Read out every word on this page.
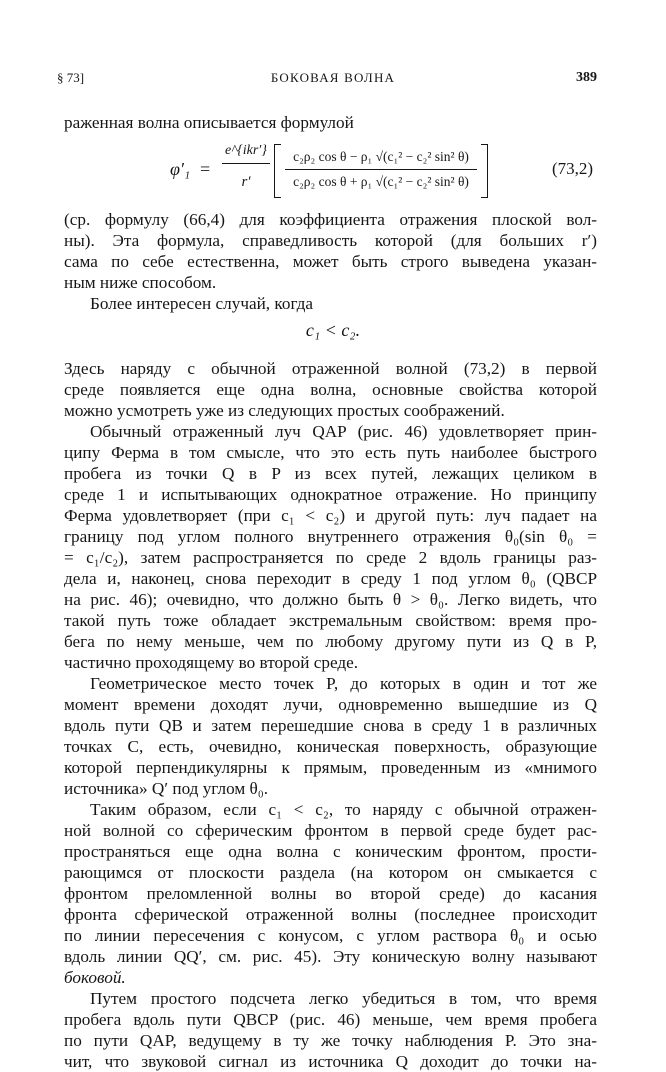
§ 73]	БОКОВАЯ ВОЛНА	389
раженная волна описывается формулой
φ′₁ =
e^{ikr′}
r′	$\frac{\text{c₂ρ₂ cos θ − ρ₁ √(c₁² − c₂² sin² θ)}}{\text{c₂ρ₂ cos θ + ρ₁ √(c₁² − c₂² sin² θ)}}$	(73,2)
(ср. формулу (66,4) для коэффициента отражения плоской вол-
ны). Эта формула, справедливость которой (для больших r′)
сама по себе естественна, может быть строго выведена указан-
ным ниже способом.
Более интересен случай, когда
c₁ < c₂.
Здесь наряду с обычной отраженной волной (73,2) в первой
среде появляется еще одна волна, основные свойства которой
можно усмотреть уже из следующих простых соображений.
Обычный отраженный луч QAP (рис. 46) удовлетворяет прин-
ципу Ферма в том смысле, что это есть путь наиболее быстрого
пробега из точки Q в P из всех путей, лежащих целиком в
среде 1 и испытывающих однократное отражение. Но принципу
Ферма удовлетворяет (при c₁ < c₂) и другой путь: луч падает на
границу под углом полного внутреннего отражения θ₀(sin θ₀ =
= c₁/c₂), затем распространяется по среде 2 вдоль границы раз-
дела и, наконец, снова переходит в среду 1 под углом θ₀ (QBCP
на рис. 46); очевидно, что должно быть θ > θ₀. Легко видеть, что
такой путь тоже обладает экстремальным свойством: время про-
бега по нему меньше, чем по любому другому пути из Q в P,
частично проходящему во второй среде.
Геометрическое место точек P, до которых в один и тот же
момент времени доходят лучи, одновременно вышедшие из Q
вдоль пути QB и затем перешедшие снова в среду 1 в различных
точках C, есть, очевидно, коническая поверхность, образующие
которой перпендикулярны к прямым, проведенным из «мнимого
источника» Q′ под углом θ₀.
Таким образом, если c₁ < c₂, то наряду с обычной отражен-
ной волной со сферическим фронтом в первой среде будет рас-
пространяться еще одна волна с коническим фронтом, прости-
рающимся от плоскости раздела (на котором он смыкается с
фронтом преломленной волны во второй среде) до касания
фронта сферической отраженной волны (последнее происходит
по линии пересечения с конусом, с углом раствора θ₀ и осью
вдоль линии QQ′, см. рис. 45). Эту коническую волну называют
боковой.
Путем простого подсчета легко убедиться в том, что время
пробега вдоль пути QBCP (рис. 46) меньше, чем время пробега
по пути QAP, ведущему в ту же точку наблюдения P. Это зна-
чит, что звуковой сигнал из источника Q доходит до точки на-
